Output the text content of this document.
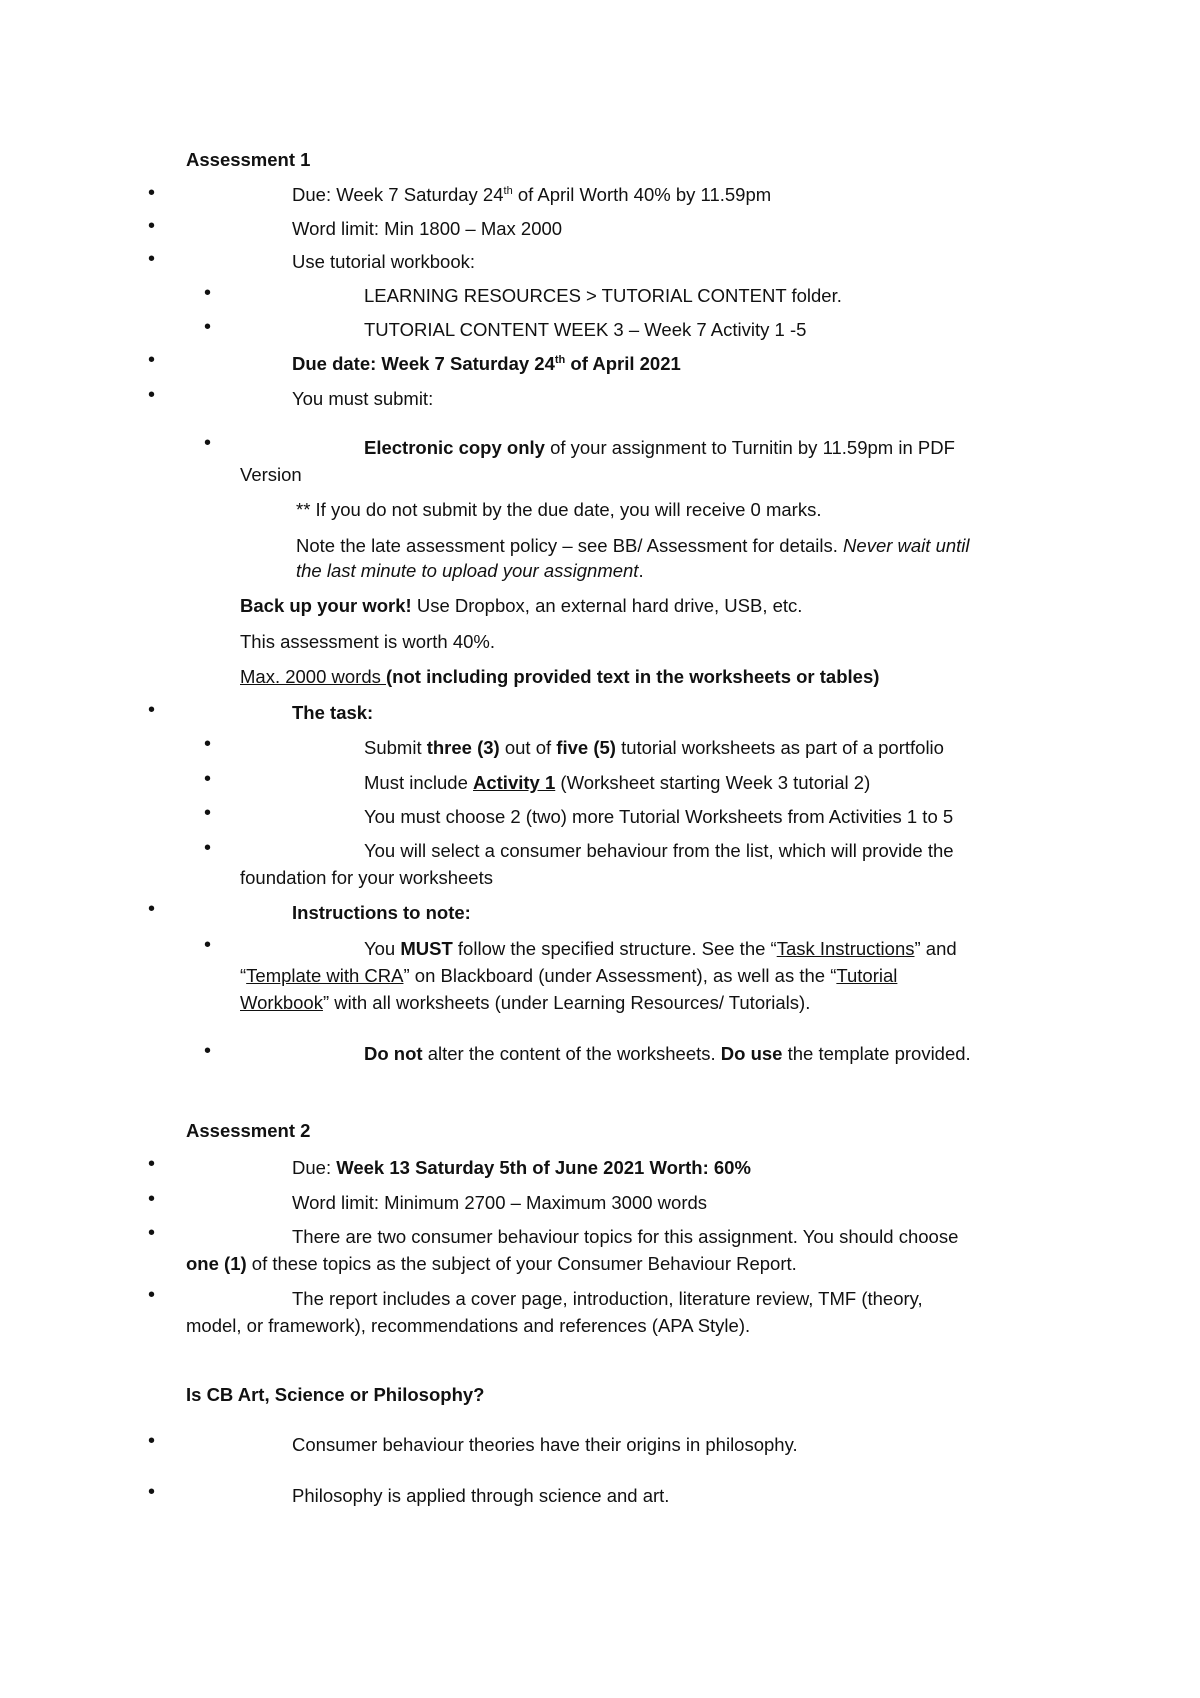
Assessment 1
•	Due: Week 7 Saturday 24th of April Worth 40% by 11.59pm
•	Word limit: Min 1800 – Max 2000
•	Use tutorial workbook:
•	LEARNING RESOURCES > TUTORIAL CONTENT folder.
•	TUTORIAL CONTENT WEEK 3 – Week 7 Activity 1 -5
•	Due date: Week 7 Saturday 24th of April 2021
•	You must submit:
•	Electronic copy only of your assignment to Turnitin by 11.59pm in PDF
Version
** If you do not submit by the due date, you will receive 0 marks.
Note the late assessment policy – see BB/ Assessment for details. Never wait until
the last minute to upload your assignment.
Back up your work! Use Dropbox, an external hard drive, USB, etc.
This assessment is worth 40%.
Max. 2000 words (not including provided text in the worksheets or tables)
•	The task:
•	Submit three (3) out of five (5) tutorial worksheets as part of a portfolio
•	Must include Activity 1 (Worksheet starting Week 3 tutorial 2)
•	You must choose 2 (two) more Tutorial Worksheets from Activities 1 to 5
•	You will select a consumer behaviour from the list, which will provide the
foundation for your worksheets
•	Instructions to note:
•	You MUST follow the specified structure. See the “Task Instructions” and
“Template with CRA” on Blackboard (under Assessment), as well as the “Tutorial
Workbook” with all worksheets (under Learning Resources/ Tutorials).
•	Do not alter the content of the worksheets. Do use the template provided.
Assessment 2
•	Due: Week 13 Saturday 5th of June 2021 Worth: 60%
•	Word limit: Minimum 2700 – Maximum 3000 words
•	There are two consumer behaviour topics for this assignment. You should choose
one (1) of these topics as the subject of your Consumer Behaviour Report.
•	The report includes a cover page, introduction, literature review, TMF (theory,
model, or framework), recommendations and references (APA Style).
Is CB Art, Science or Philosophy?
•	Consumer behaviour theories have their origins in philosophy.
•	Philosophy is applied through science and art.
